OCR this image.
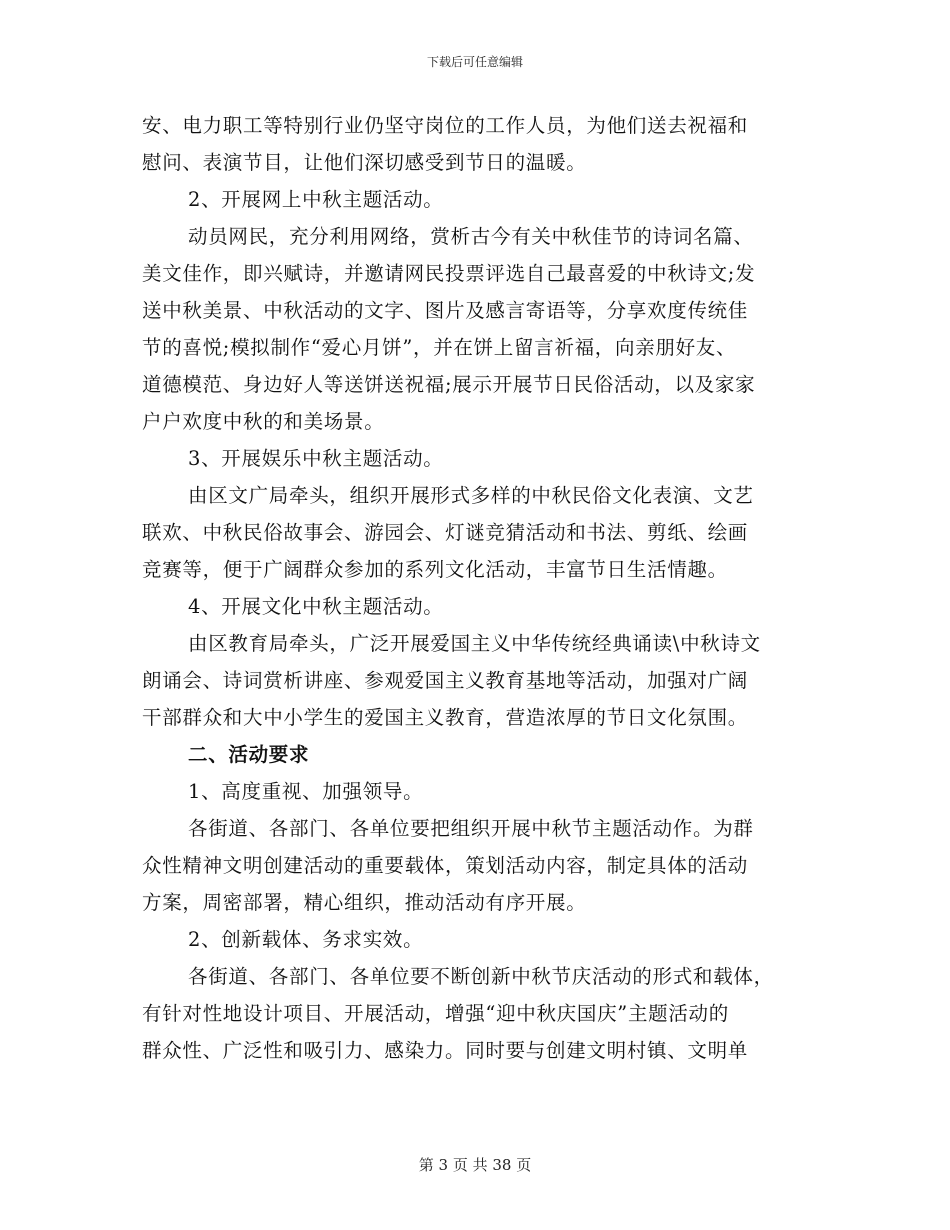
下载后可任意编辑
安、电力职工等特别行业仍坚守岗位的工作人员，为他们送去祝福和
慰问、表演节目，让他们深切感受到节日的温暖。
2、开展网上中秋主题活动。
动员网民，充分利用网络，赏析古今有关中秋佳节的诗词名篇、
美文佳作，即兴赋诗，并邀请网民投票评选自己最喜爱的中秋诗文;发
送中秋美景、中秋活动的文字、图片及感言寄语等，分享欢度传统佳
节的喜悦;模拟制作“爱心月饼”，并在饼上留言祈福，向亲朋好友、
道德模范、身边好人等送饼送祝福;展示开展节日民俗活动，以及家家
户户欢度中秋的和美场景。
3、开展娱乐中秋主题活动。
由区文广局牵头，组织开展形式多样的中秋民俗文化表演、文艺
联欢、中秋民俗故事会、游园会、灯谜竞猜活动和书法、剪纸、绘画
竞赛等，便于广阔群众参加的系列文化活动，丰富节日生活情趣。
4、开展文化中秋主题活动。
由区教育局牵头，广泛开展爱国主义中华传统经典诵读\中秋诗文
朗诵会、诗词赏析讲座、参观爱国主义教育基地等活动，加强对广阔
干部群众和大中小学生的爱国主义教育，营造浓厚的节日文化氛围。
二、活动要求
1、高度重视、加强领导。
各街道、各部门、各单位要把组织开展中秋节主题活动作。为群
众性精神文明创建活动的重要载体，策划活动内容，制定具体的活动
方案，周密部署，精心组织，推动活动有序开展。
2、创新载体、务求实效。
各街道、各部门、各单位要不断创新中秋节庆活动的形式和载体，
有针对性地设计项目、开展活动，增强“迎中秋庆国庆”主题活动的
群众性、广泛性和吸引力、感染力。同时要与创建文明村镇、文明单
第 3 页 共 38 页
